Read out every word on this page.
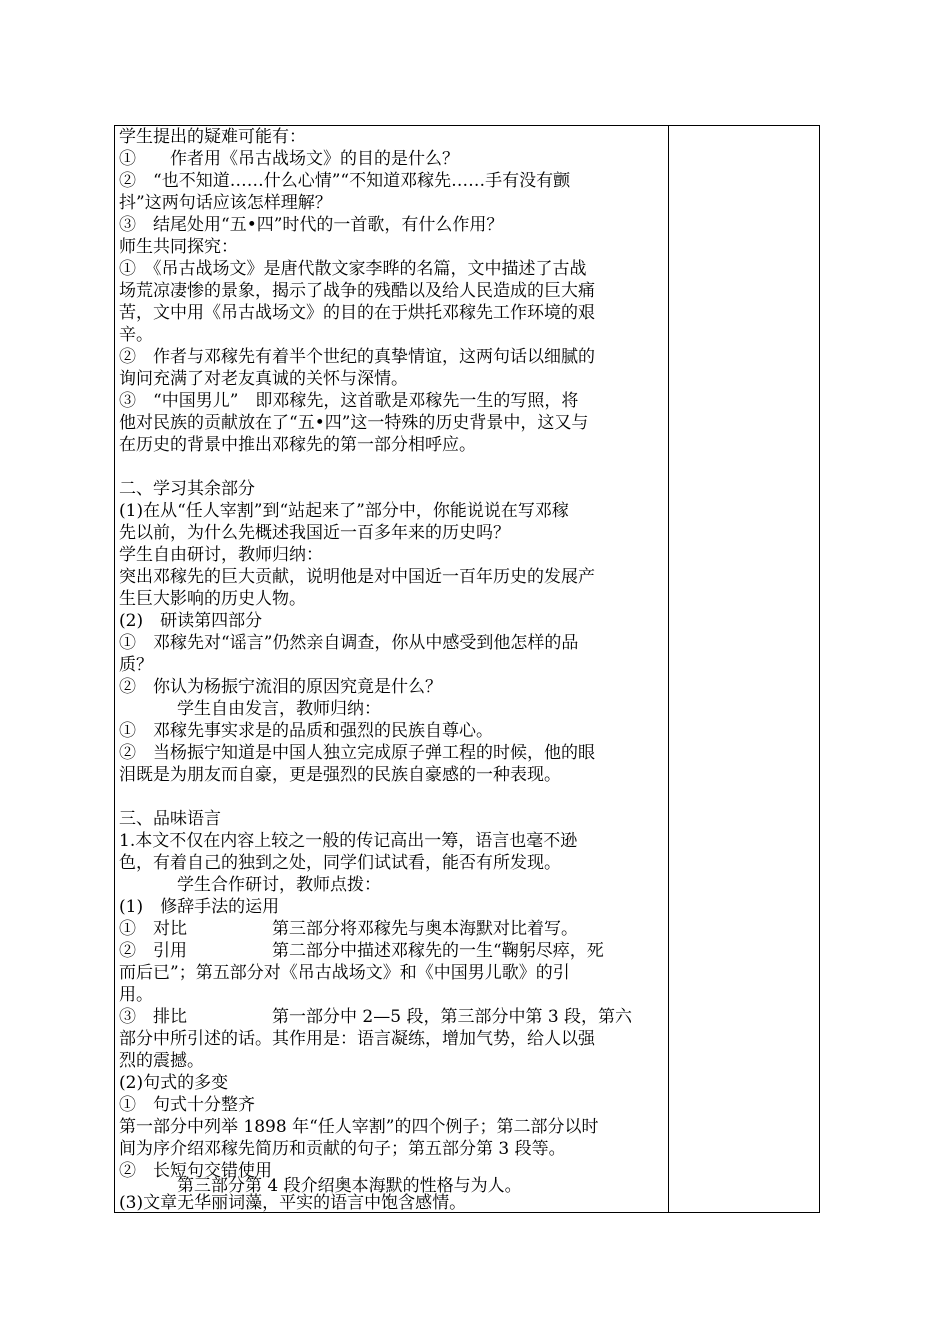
学生提出的疑难可能有：
①　　作者用《吊古战场文》的目的是什么？
②　“也不知道……什么心情”“不知道邓稼先……手有没有颤
抖”这两句话应该怎样理解？
③　结尾处用“五•四”时代的一首歌，有什么作用？
师生共同探究：
①　《吊古战场文》是唐代散文家李晔的名篇，文中描述了古战
场荒凉凄惨的景象，揭示了战争的残酷以及给人民造成的巨大痛
苦，文中用《吊古战场文》的目的在于烘托邓稼先工作环境的艰
辛。
②　作者与邓稼先有着半个世纪的真挚情谊，这两句话以细腻的
询问充满了对老友真诚的关怀与深情。
③　“中国男儿”　即邓稼先，这首歌是邓稼先一生的写照，将
他对民族的贡献放在了“五•四”这一特殊的历史背景中，这又与
在历史的背景中推出邓稼先的第一部分相呼应。
二、学习其余部分
(1)在从“任人宰割”到“站起来了”部分中，你能说说在写邓稼
先以前，为什么先概述我国近一百多年来的历史吗？
学生自由研讨，教师归纳：
突出邓稼先的巨大贡献，说明他是对中国近一百年历史的发展产
生巨大影响的历史人物。
(2)　研读第四部分
①　邓稼先对“谣言”仍然亲自调查，你从中感受到他怎样的品
质？
②　你认为杨振宁流泪的原因究竟是什么？
学生自由发言，教师归纳：
①　邓稼先事实求是的品质和强烈的民族自尊心。
②　当杨振宁知道是中国人独立完成原子弹工程的时候，他的眼
泪既是为朋友而自豪，更是强烈的民族自豪感的一种表现。
三、品味语言
1.本文不仅在内容上较之一般的传记高出一筹，语言也毫不逊
色，有着自己的独到之处，同学们试试看，能否有所发现。
学生合作研讨，教师点拨：
(1)　修辞手法的运用
①　对比　　　　　第三部分将邓稼先与奥本海默对比着写。
②　引用　　　　　第二部分中描述邓稼先的一生“鞠躬尽瘁，死
而后已”；第五部分对《吊古战场文》和《中国男儿歌》的引
用。
③　排比　　　　　第一部分中 2—5 段，第三部分中第 3 段，第六
部分中所引述的话。其作用是：语言凝练，增加气势，给人以强
烈的震撼。
(2)句式的多变
①　句式十分整齐
第一部分中列举 1898 年“任人宰割”的四个例子；第二部分以时
间为序介绍邓稼先简历和贡献的句子；第五部分第 3 段等。
②　长短句交错使用
第三部分第 4 段介绍奥本海默的性格与为人。
(3)文章无华丽词藻，平实的语言中饱含感情。
